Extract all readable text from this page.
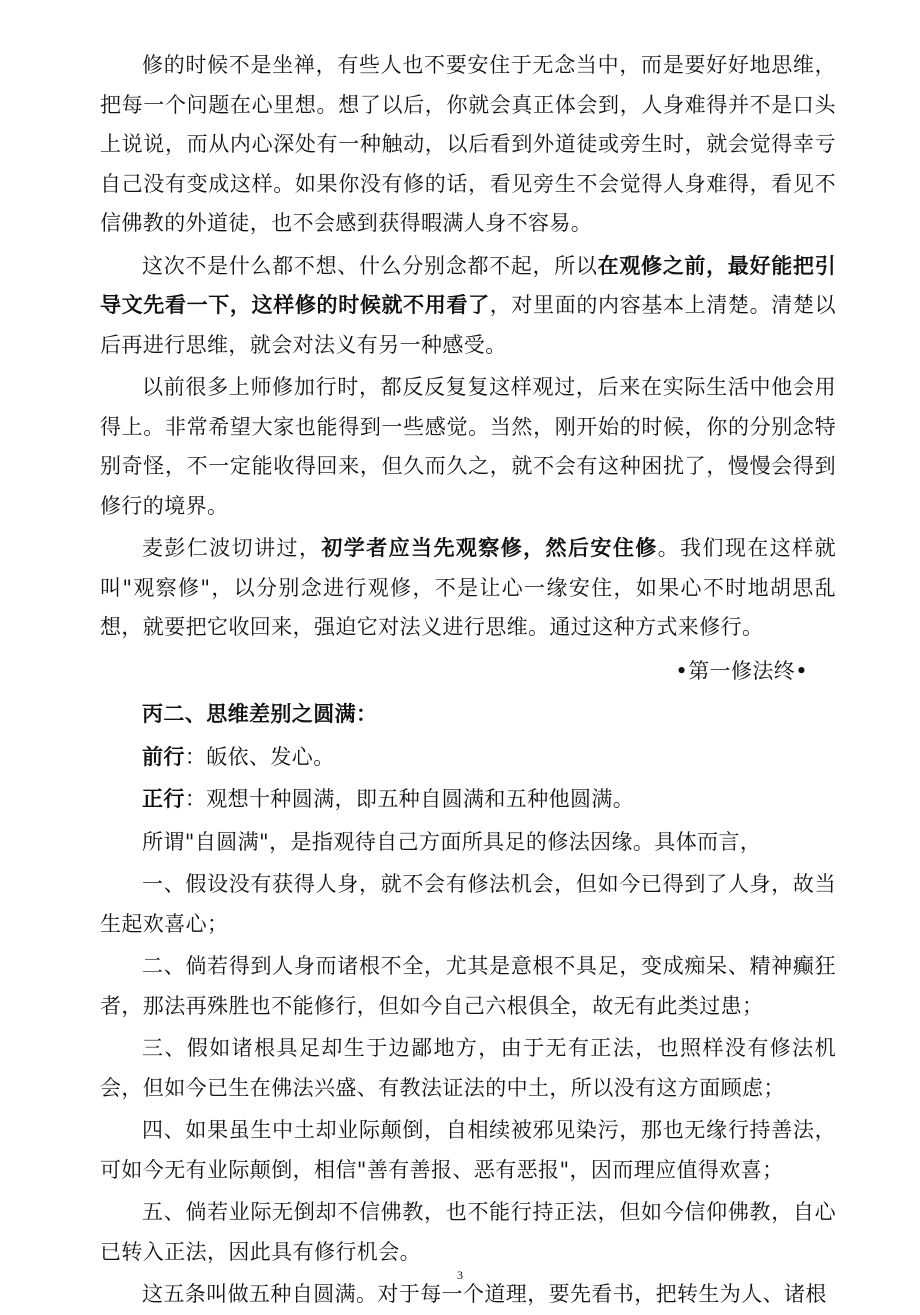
修的时候不是坐禅，有些人也不要安住于无念当中，而是要好好地思维，把每一个问题在心里想。想了以后，你就会真正体会到，人身难得并不是口头上说说，而从内心深处有一种触动，以后看到外道徒或旁生时，就会觉得幸亏自己没有变成这样。如果你没有修的话，看见旁生不会觉得人身难得，看见不信佛教的外道徒，也不会感到获得暇满人身不容易。

这次不是什么都不想、什么分别念都不起，所以在观修之前，最好能把引导文先看一下，这样修的时候就不用看了，对里面的内容基本上清楚。清楚以后再进行思维，就会对法义有另一种感受。

以前很多上师修加行时，都反反复复这样观过，后来在实际生活中他会用得上。非常希望大家也能得到一些感觉。当然，刚开始的时候，你的分别念特别奇怪，不一定能收得回来，但久而久之，就不会有这种困扰了，慢慢会得到修行的境界。

麦彭仁波切讲过，初学者应当先观察修，然后安住修。我们现在这样就叫"观察修"，以分别念进行观修，不是让心一缘安住，如果心不时地胡思乱想，就要把它收回来，强迫它对法义进行思维。通过这种方式来修行。

•第一修法终•

丙二、思维差别之圆满：

前行：皈依、发心。

正行：观想十种圆满，即五种自圆满和五种他圆满。

所谓"自圆满"，是指观待自己方面所具足的修法因缘。具体而言，

一、假设没有获得人身，就不会有修法机会，但如今已得到了人身，故当生起欢喜心；

二、倘若得到人身而诸根不全，尤其是意根不具足，变成痴呆、精神癫狂者，那法再殊胜也不能修行，但如今自己六根俱全，故无有此类过患；

三、假如诸根具足却生于边鄙地方，由于无有正法，也照样没有修法机会，但如今已生在佛法兴盛、有教法证法的中土，所以没有这方面顾虑；

四、如果虽生中土却业际颠倒，自相续被邪见染污，那也无缘行持善法，可如今无有业际颠倒，相信"善有善报、恶有恶报"，因而理应值得欢喜；

五、倘若业际无倒却不信佛教，也不能行持正法，但如今信仰佛教，自心已转入正法，因此具有修行机会。

这五条叫做五种自圆满。对于每一个道理，要先看书，把转生为人、诸根

3
